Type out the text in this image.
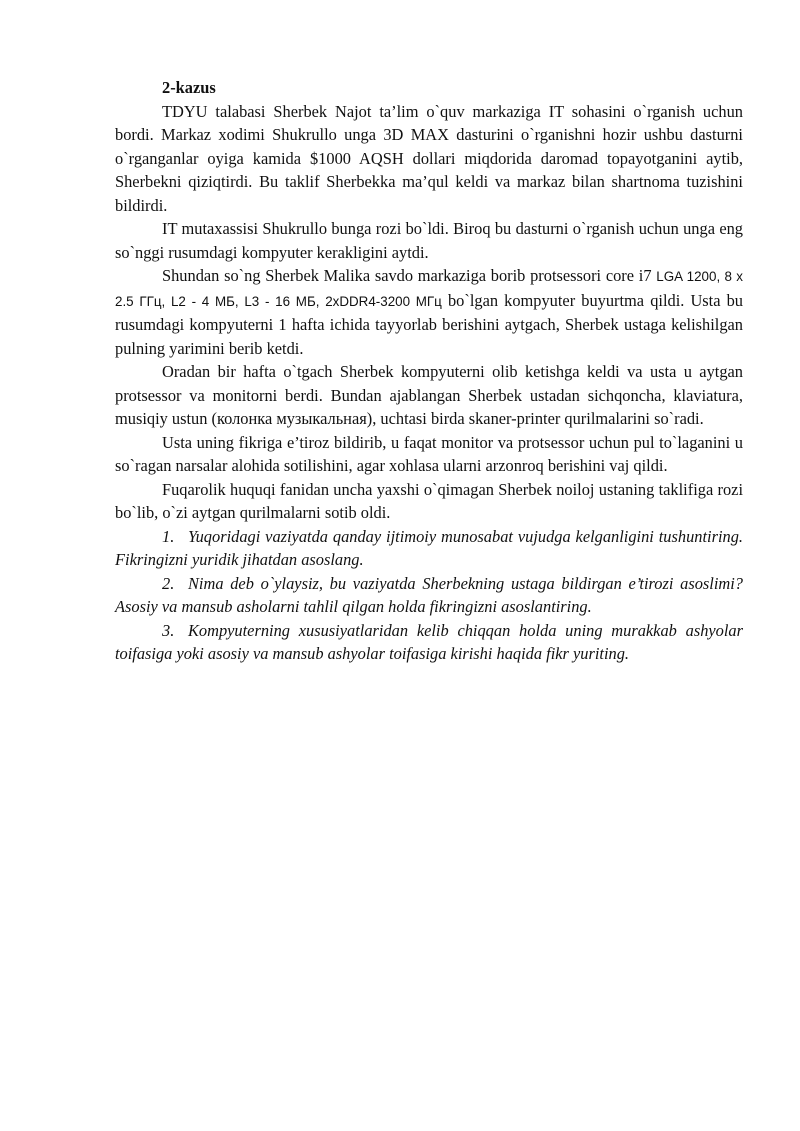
2-kazus

TDYU talabasi Sherbek Najot ta’lim o`quv markaziga IT sohasini o`rganish uchun bordi. Markaz xodimi Shukrullo unga 3D MAX dasturini o`rganishni hozir ushbu dasturni o`rganganlar oyiga kamida $1000 AQSH dollari miqdorida daromad topayotganini aytib, Sherbekni qiziqtirdi. Bu taklif Sherbekka ma’qul keldi va markaz bilan shartnoma tuzishini bildirdi.

IT mutaxassisi Shukrullo bunga rozi bo`ldi. Biroq bu dasturni o`rganish uchun unga eng so`nggi rusumdagi kompyuter kerakligini aytdi.

Shundan so`ng Sherbek Malika savdo markaziga borib protsessori core i7 LGA 1200, 8 x 2.5 ГГц, L2 - 4 МБ, L3 - 16 МБ, 2xDDR4-3200 МГц bo`lgan kompyuter buyurtma qildi. Usta bu rusumdagi kompyuterni 1 hafta ichida tayyorlab berishini aytgach, Sherbek ustaga kelishilgan pulning yarimini berib ketdi.

Oradan bir hafta o`tgach Sherbek kompyuterni olib ketishga keldi va usta u aytgan protsessor va monitorni berdi. Bundan ajablangan Sherbek ustadan sichqoncha, klaviatura, musiqiy ustun (колонка музыкальная), uchtasi birda skaner-printer qurilmalarini so`radi.

Usta uning fikriga e’tiroz bildirib, u faqat monitor va protsessor uchun pul to`laganini u so`ragan narsalar alohida sotilishini, agar xohlasa ularni arzonroq berishini vaj qildi.

Fuqarolik huquqi fanidan uncha yaxshi o`qimagan Sherbek noiloj ustaning taklifiga rozi bo`lib, o`zi aytgan qurilmalarni sotib oldi.

1. Yuqoridagi vaziyatda qanday ijtimoiy munosabat vujudga kelganligini tushuntiring. Fikringizni yuridik jihatdan asoslang.

2. Nima deb o`ylaysiz, bu vaziyatda Sherbekning ustaga bildirgan e’tirozi asoslimi? Asosiy va mansub asholarni tahlil qilgan holda fikringizni asoslantiring.

3. Kompyuterning xususiyatlaridan kelib chiqqan holda uning murakkab ashyolar toifasiga yoki asosiy va mansub ashyolar toifasiga kirishi haqida fikr yuriting.
